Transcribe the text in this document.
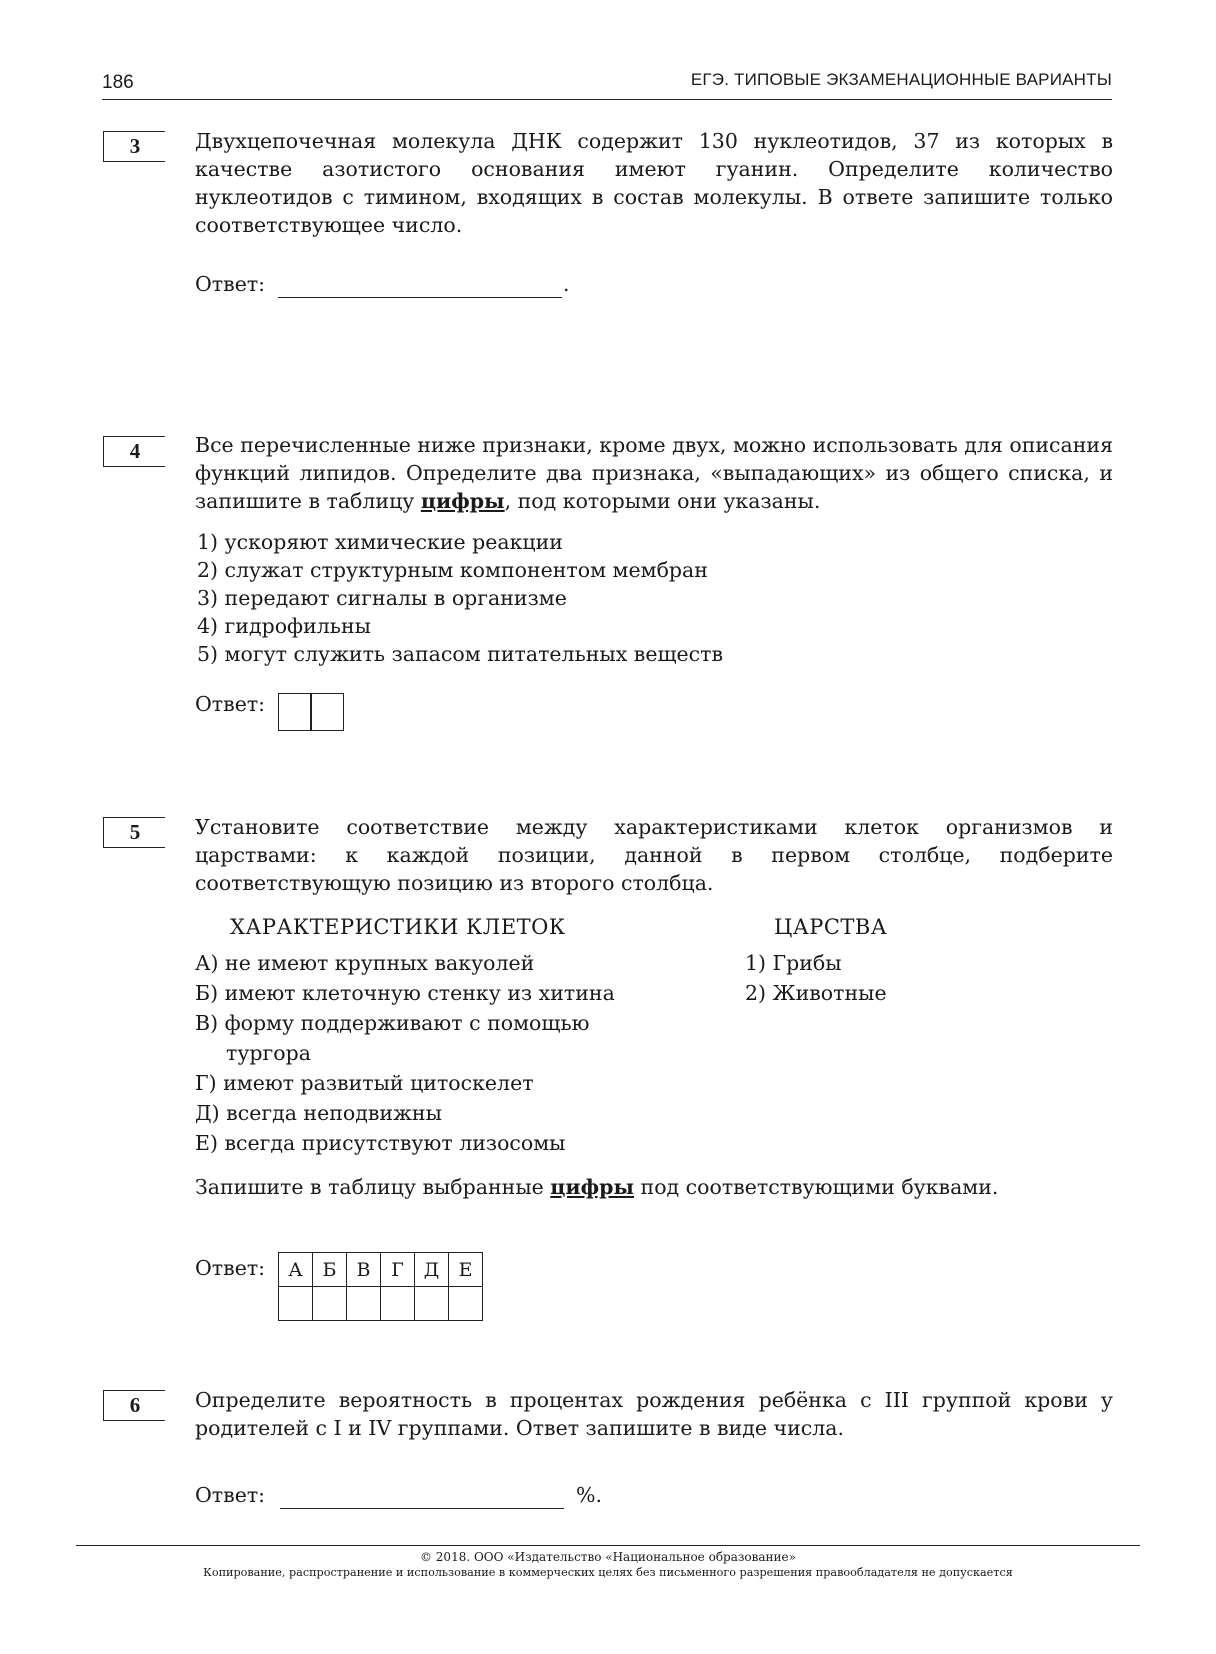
186	ЕГЭ. ТИПОВЫЕ ЭКЗАМЕНАЦИОННЫЕ ВАРИАНТЫ
3	Двухцепочечная молекула ДНК содержит 130 нуклеотидов, 37 из которых в качестве азотистого основания имеют гуанин. Определите количество нуклеотидов с тимином, входящих в состав молекулы. В ответе запишите только соответствующее число.
Ответ:	.
4	Все перечисленные ниже признаки, кроме двух, можно использовать для описания функций липидов. Определите два признака, «выпадающих» из общего списка, и запишите в таблицу цифры, под которыми они указаны.
1) ускоряют химические реакции
2) служат структурным компонентом мембран
3) передают сигналы в организме
4) гидрофильны
5) могут служить запасом питательных веществ
Ответ:
5	Установите соответствие между характеристиками клеток организмов и царствами: к каждой позиции, данной в первом столбце, подберите соответствующую позицию из второго столбца.
ХАРАКТЕРИСТИКИ КЛЕТОК	ЦАРСТВА
А) не имеют крупных вакуолей
Б) имеют клеточную стенку из хитина
В) форму поддерживают с помощью
тургора
Г) имеют развитый цитоскелет
Д) всегда неподвижны
Е) всегда присутствуют лизосомы
1) Грибы
2) Животные
Запишите в таблицу выбранные цифры под соответствующими буквами.
Ответ: А	Б	В	Г	Д	Е

6	Определите вероятность в процентах рождения ребёнка с III группой крови у родителей с I и IV группами. Ответ запишите в виде числа.
Ответ:	%.
© 2018. ООО «Издательство «Национальное образование»
Копирование, распространение и использование в коммерческих целях без письменного разрешения правообладателя не допускается
